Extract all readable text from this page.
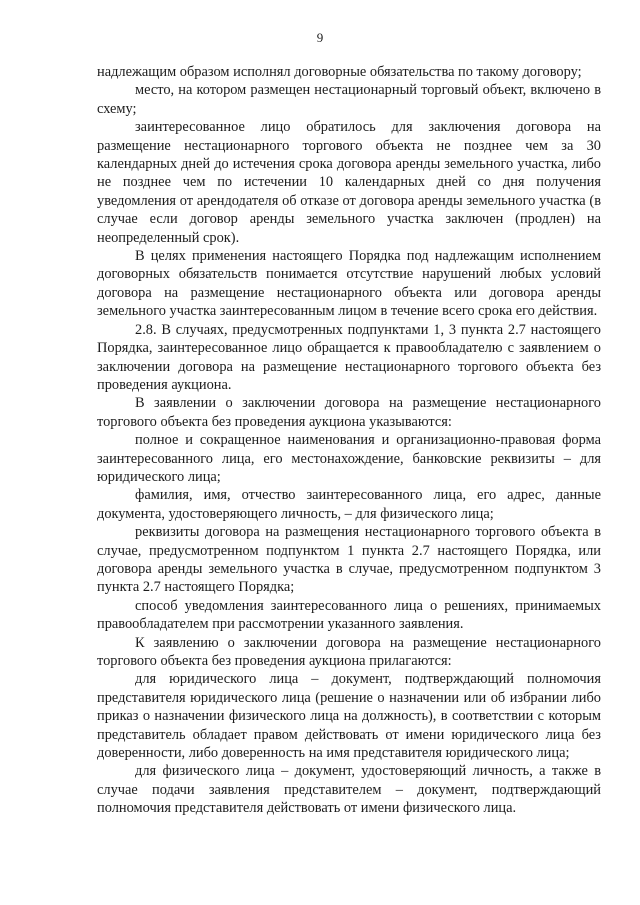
9

надлежащим образом исполнял договорные обязательства по такому договору;

место, на котором размещен нестационарный торговый объект, включено в схему;

заинтересованное лицо обратилось для заключения договора на размещение нестационарного торгового объекта не позднее чем за 30 календарных дней до истечения срока договора аренды земельного участка, либо не позднее чем по истечении 10 календарных дней со дня получения уведомления от арендодателя об отказе от договора аренды земельного участка (в случае если договор аренды земельного участка заключен (продлен) на неопределенный срок).

В целях применения настоящего Порядка под надлежащим исполнением договорных обязательств понимается отсутствие нарушений любых условий договора на размещение нестационарного объекта или договора аренды земельного участка заинтересованным лицом в течение всего срока его действия.

2.8. В случаях, предусмотренных подпунктами 1, 3 пункта 2.7 настоящего Порядка, заинтересованное лицо обращается к правообладателю с заявлением о заключении договора на размещение нестационарного торгового объекта без проведения аукциона.

В заявлении о заключении договора на размещение нестационарного торгового объекта без проведения аукциона указываются:

полное и сокращенное наименования и организационно-правовая форма заинтересованного лица, его местонахождение, банковские реквизиты – для юридического лица;

фамилия, имя, отчество заинтересованного лица, его адрес, данные документа, удостоверяющего личность, – для физического лица;

реквизиты договора на размещения нестационарного торгового объекта в случае, предусмотренном подпунктом 1 пункта 2.7 настоящего Порядка, или договора аренды земельного участка в случае, предусмотренном подпунктом 3 пункта 2.7 настоящего Порядка;

способ уведомления заинтересованного лица о решениях, принимаемых правообладателем при рассмотрении указанного заявления.

К заявлению о заключении договора на размещение нестационарного торгового объекта без проведения аукциона прилагаются:

для юридического лица – документ, подтверждающий полномочия представителя юридического лица (решение о назначении или об избрании либо приказ о назначении физического лица на должность), в соответствии с которым представитель обладает правом действовать от имени юридического лица без доверенности, либо доверенность на имя представителя юридического лица;

для физического лица – документ, удостоверяющий личность, а также в случае подачи заявления представителем – документ, подтверждающий полномочия представителя действовать от имени физического лица.
